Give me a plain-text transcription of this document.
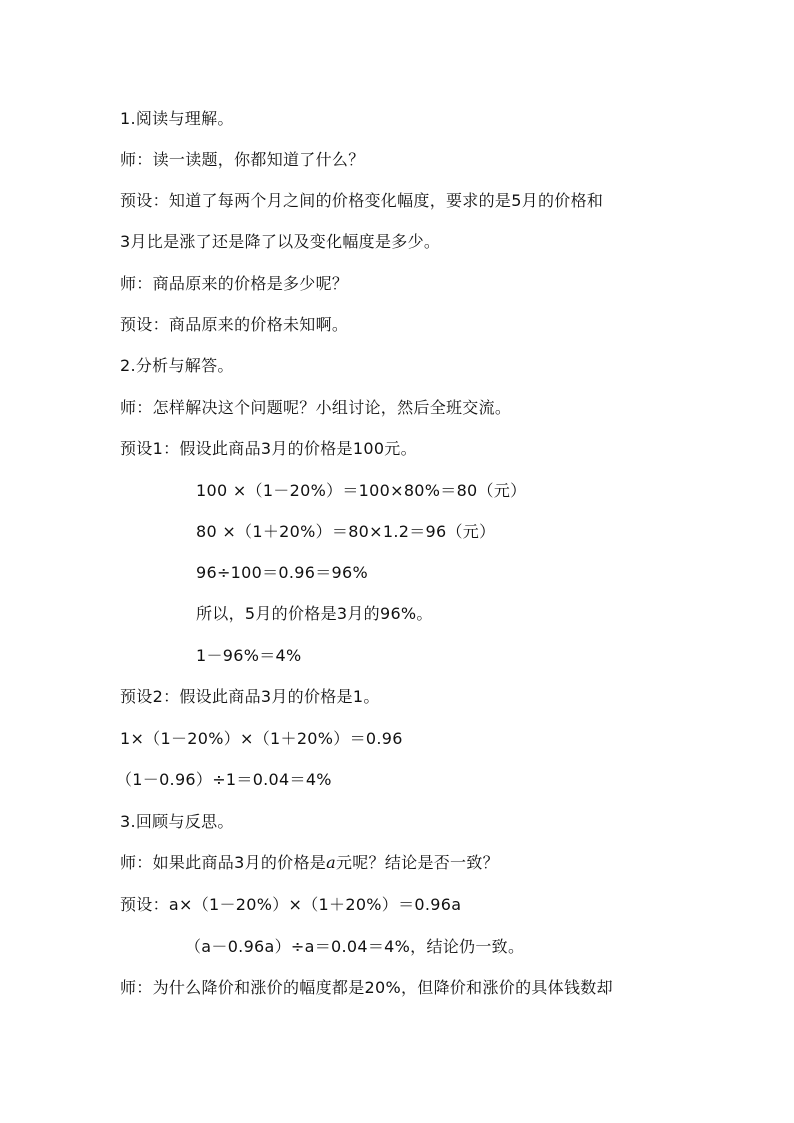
1.阅读与理解。
师：读一读题，你都知道了什么？
预设：知道了每两个月之间的价格变化幅度，要求的是5月的价格和
3月比是涨了还是降了以及变化幅度是多少。
师：商品原来的价格是多少呢？
预设：商品原来的价格未知啊。
2.分析与解答。
师：怎样解决这个问题呢？小组讨论，然后全班交流。
预设1：假设此商品3月的价格是100元。
100 ×（1－20%）＝100×80%＝80（元）
80 ×（1＋20%）＝80×1.2＝96（元）
96÷100＝0.96＝96%
所以，5月的价格是3月的96%。
1－96%＝4%
预设2：假设此商品3月的价格是1。
1×（1－20%）×（1＋20%）＝0.96
（1－0.96）÷1＝0.04＝4%
3.回顾与反思。
师：如果此商品3月的价格是a元呢？结论是否一致？
预设：a×（1－20%）×（1＋20%）＝0.96a
（a－0.96a）÷a＝0.04＝4%，结论仍一致。
师：为什么降价和涨价的幅度都是20%，但降价和涨价的具体钱数却
